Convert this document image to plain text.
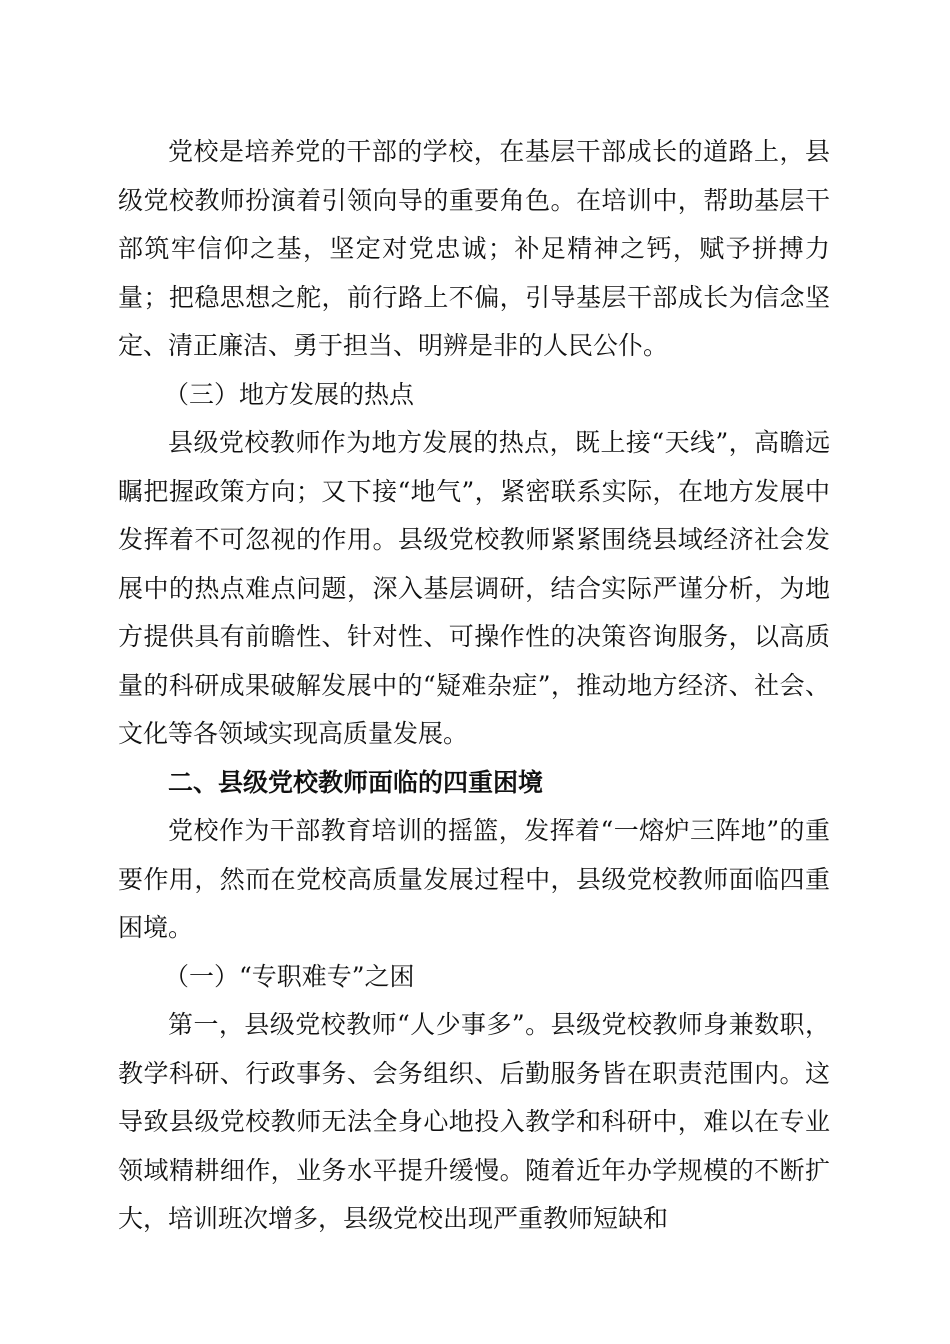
党校是培养党的干部的学校，在基层干部成长的道路上，县级党校教师扮演着引领向导的重要角色。在培训中，帮助基层干部筑牢信仰之基，坚定对党忠诚；补足精神之钙，赋予拼搏力量；把稳思想之舵，前行路上不偏，引导基层干部成长为信念坚定、清正廉洁、勇于担当、明辨是非的人民公仆。

（三）地方发展的热点

县级党校教师作为地方发展的热点，既上接“天线”，高瞻远瞩把握政策方向；又下接“地气”，紧密联系实际，在地方发展中发挥着不可忽视的作用。县级党校教师紧紧围绕县域经济社会发展中的热点难点问题，深入基层调研，结合实际严谨分析，为地方提供具有前瞻性、针对性、可操作性的决策咨询服务，以高质量的科研成果破解发展中的“疑难杂症”，推动地方经济、社会、文化等各领域实现高质量发展。

二、县级党校教师面临的四重困境

党校作为干部教育培训的摇篮，发挥着“一熔炉三阵地”的重要作用，然而在党校高质量发展过程中，县级党校教师面临四重困境。

（一）“专职难专”之困

第一，县级党校教师“人少事多”。县级党校教师身兼数职，教学科研、行政事务、会务组织、后勤服务皆在职责范围内。这导致县级党校教师无法全身心地投入教学和科研中，难以在专业领域精耕细作，业务水平提升缓慢。随着近年办学规模的不断扩大，培训班次增多，县级党校出现严重教师短缺和
